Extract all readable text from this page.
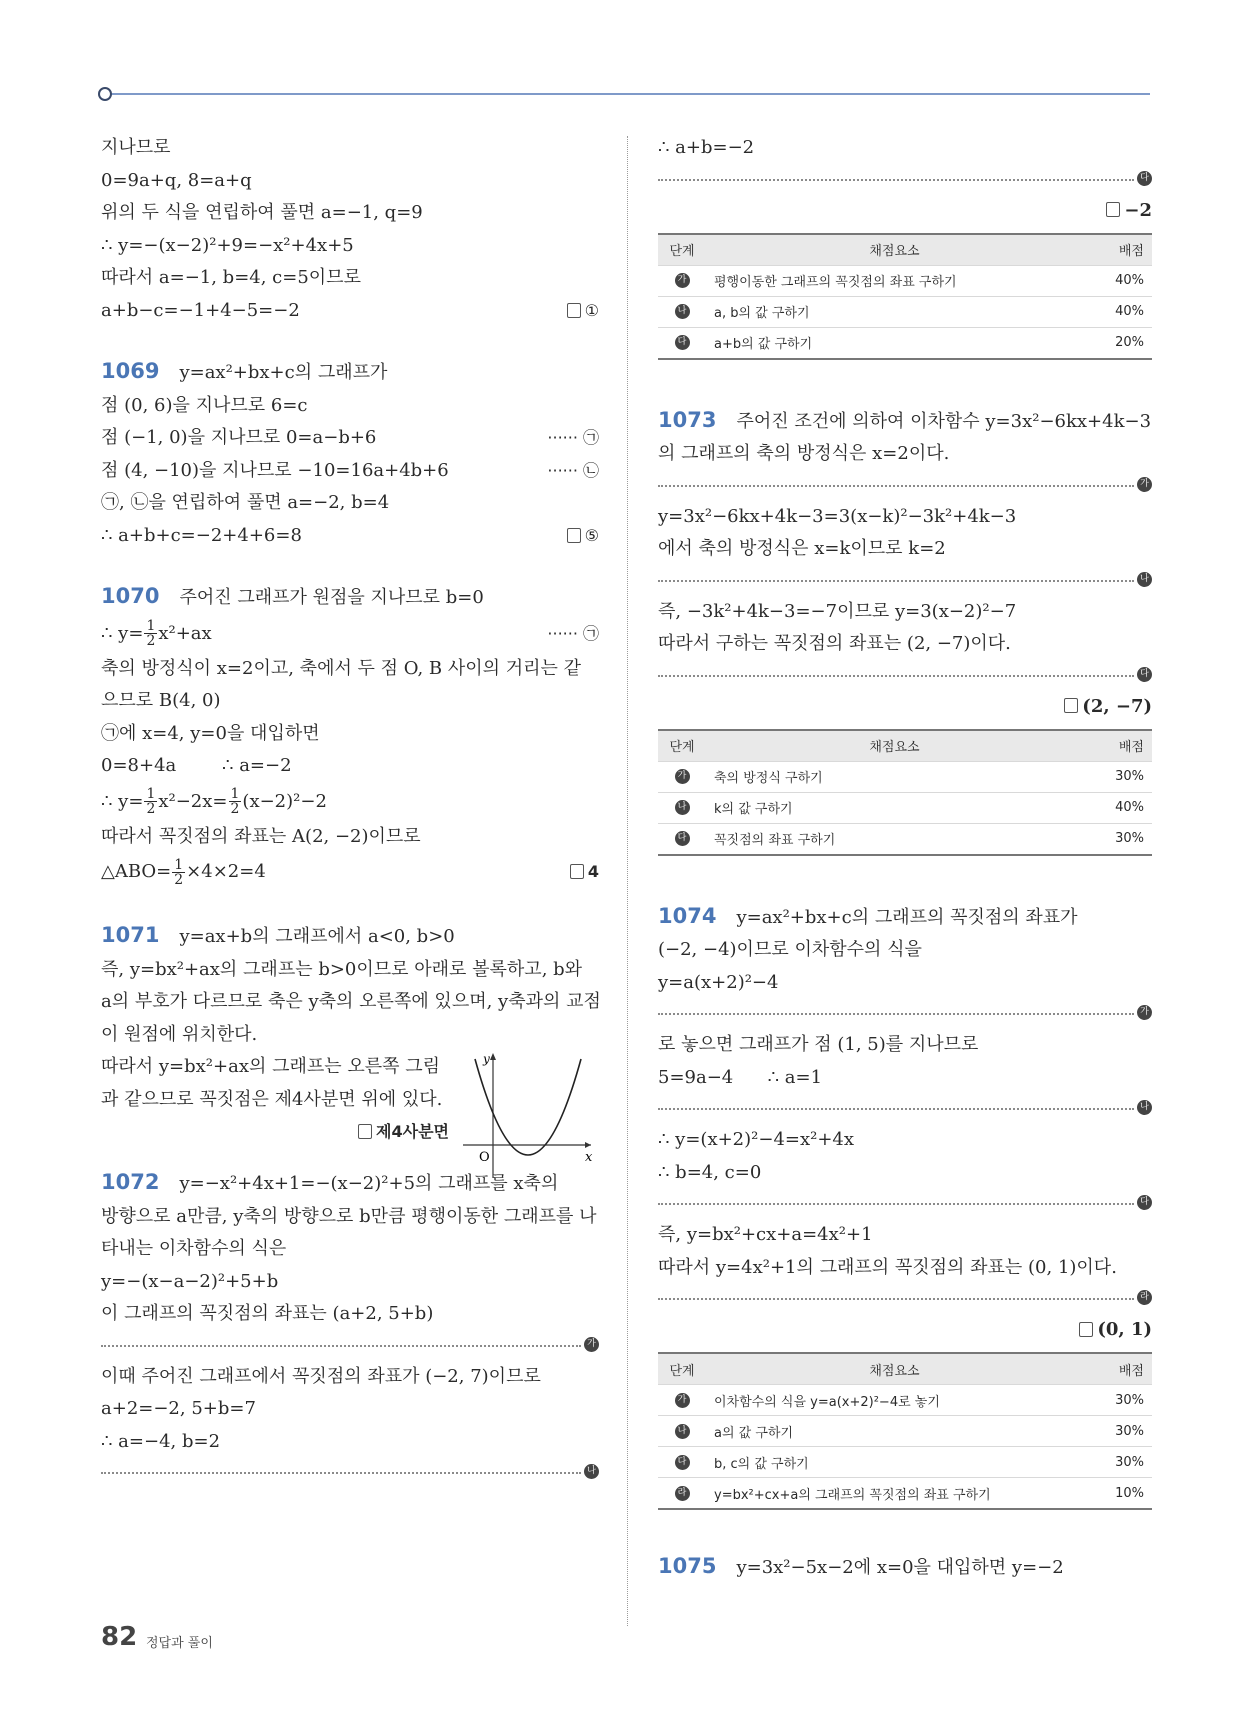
지나므로
0=9a+q, 8=a+q
위의 두 식을 연립하여 풀면 a=−1, q=9
∴ y=−(x−2)²+9=−x²+4x+5
따라서 a=−1, b=4, c=5이므로
a+b−c=−1+4−5=−2	①
1069 y=ax²+bx+c의 그래프가
점 (0, 6)을 지나므로 6=c
점 (−1, 0)을 지나므로 0=a−b+6	······ ㉠
점 (4, −10)을 지나므로 −10=16a+4b+6	······ ㉡
㉠, ㉡을 연립하여 풀면 a=−2, b=4
∴ a+b+c=−2+4+6=8	⑤
1070 주어진 그래프가 원점을 지나므로 b=0
∴ $y= \frac{1}{2} x^2+ax$	······ ㉠
축의 방정식이 x=2이고, 축에서 두 점 O, B 사이의 거리는 같
으므로 B(4, 0)
㉠에 x=4, y=0을 대입하면
0=8+4a        ∴ a=−2
∴ $y= \frac{1}{2} x^2-2x= \frac{1}{2} (x-2)^2-2$
따라서 꼭짓점의 좌표는 A(2, −2)이므로
△ABO= $\frac{1}{2} \times 4\times 2=4$	4
1071 y=ax+b의 그래프에서 a<0, b>0
즉, y=bx²+ax의 그래프는 b>0이므로 아래로 볼록하고, b와
a의 부호가 다르므로 축은 y축의 오른쪽에 있으며, y축과의 교점
이 원점에 위치한다.
y
x
O
따라서 y=bx²+ax의 그래프는 오른쪽 그림
과 같으므로 꼭짓점은 제4사분면 위에 있다.
제4사분면
1072 y=−x²+4x+1=−(x−2)²+5의 그래프를 x축의
방향으로 a만큼, y축의 방향으로 b만큼 평행이동한 그래프를 나
타내는 이차함수의 식은
y=−(x−a−2)²+5+b
이 그래프의 꼭짓점의 좌표는 (a+2, 5+b)
가
이때 주어진 그래프에서 꼭짓점의 좌표가 (−2, 7)이므로
a+2=−2, 5+b=7
∴ a=−4, b=2
나
∴ a+b=−2
다
−2
단계	채점요소	배점
가	평행이동한 그래프의 꼭짓점의 좌표 구하기	40%
나	a, b의 값 구하기	40%
다	a+b의 값 구하기	20%
1073 주어진 조건에 의하여 이차함수 y=3x²−6kx+4k−3
의 그래프의 축의 방정식은 x=2이다.
가
y=3x²−6kx+4k−3=3(x−k)²−3k²+4k−3
에서 축의 방정식은 x=k이므로 k=2
나
즉, −3k²+4k−3=−7이므로 y=3(x−2)²−7
따라서 구하는 꼭짓점의 좌표는 (2, −7)이다.
다
(2, −7)
단계	채점요소	배점
가	축의 방정식 구하기	30%
나	k의 값 구하기	40%
다	꼭짓점의 좌표 구하기	30%
1074 y=ax²+bx+c의 그래프의 꼭짓점의 좌표가
(−2, −4)이므로 이차함수의 식을
y=a(x+2)²−4
가
로 놓으면 그래프가 점 (1, 5)를 지나므로
5=9a−4      ∴ a=1
나
∴ y=(x+2)²−4=x²+4x
∴ b=4, c=0
다
즉, y=bx²+cx+a=4x²+1
따라서 y=4x²+1의 그래프의 꼭짓점의 좌표는 (0, 1)이다.
라
(0, 1)
단계	채점요소	배점
가	이차함수의 식을 y=a(x+2)²−4로 놓기	30%
나	a의 값 구하기	30%
다	b, c의 값 구하기	30%
라	y=bx²+cx+a의 그래프의 꼭짓점의 좌표 구하기	10%
1075 y=3x²−5x−2에 x=0을 대입하면 y=−2
82 정답과 풀이
